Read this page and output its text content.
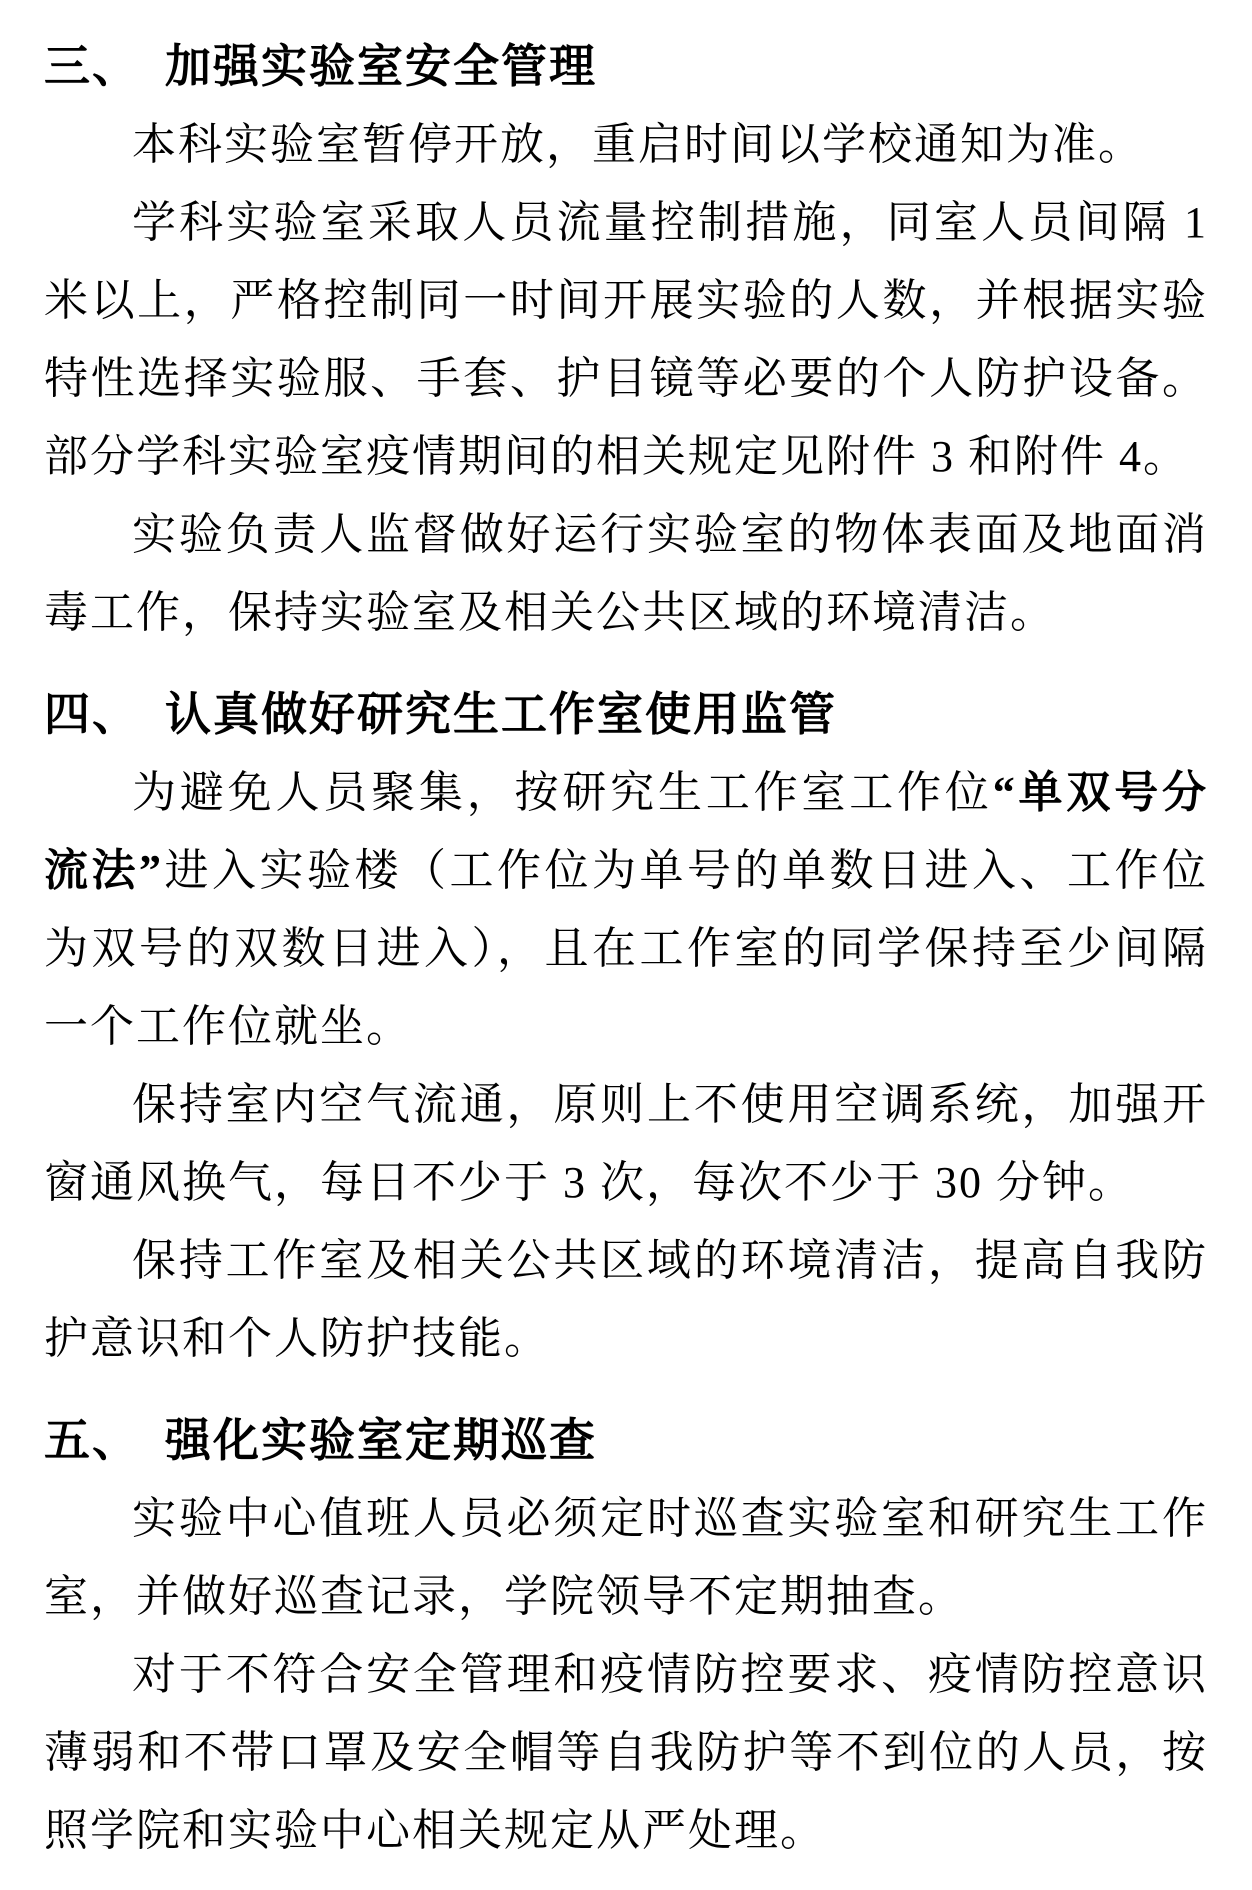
三、　加强实验室安全管理

本科实验室暂停开放，重启时间以学校通知为准。

学科实验室采取人员流量控制措施，同室人员间隔 1 米以上，严格控制同一时间开展实验的人数，并根据实验特性选择实验服、手套、护目镜等必要的个人防护设备。部分学科实验室疫情期间的相关规定见附件 3 和附件 4。

实验负责人监督做好运行实验室的物体表面及地面消毒工作，保持实验室及相关公共区域的环境清洁。

四、　认真做好研究生工作室使用监管

为避免人员聚集，按研究生工作室工作位“单双号分流法”进入实验楼（工作位为单号的单数日进入、工作位为双号的双数日进入），且在工作室的同学保持至少间隔一个工作位就坐。

保持室内空气流通，原则上不使用空调系统，加强开窗通风换气，每日不少于 3 次，每次不少于 30 分钟。

保持工作室及相关公共区域的环境清洁，提高自我防护意识和个人防护技能。

五、　强化实验室定期巡查

实验中心值班人员必须定时巡查实验室和研究生工作室，并做好巡查记录，学院领导不定期抽查。

对于不符合安全管理和疫情防控要求、疫情防控意识薄弱和不带口罩及安全帽等自我防护等不到位的人员，按照学院和实验中心相关规定从严处理。
